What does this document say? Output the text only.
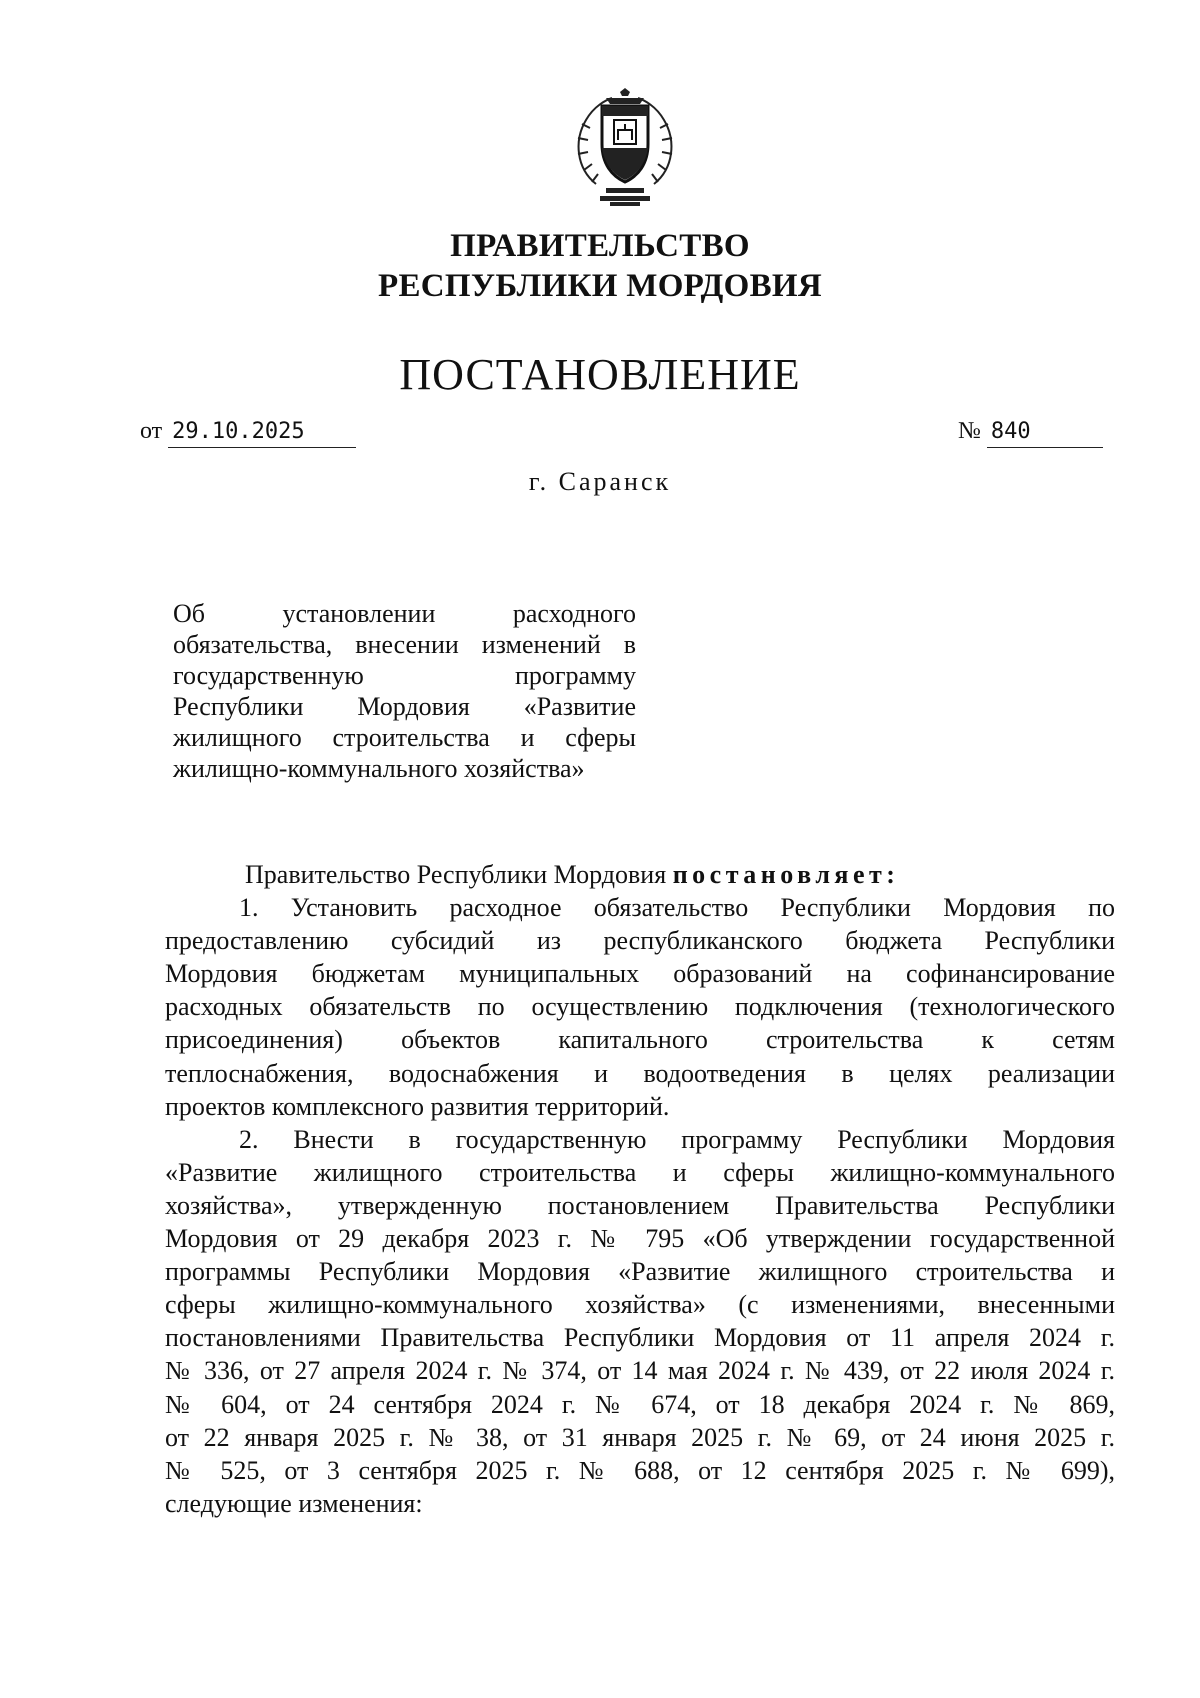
ПРАВИТЕЛЬСТВО
РЕСПУБЛИКИ МОРДОВИЯ
ПОСТАНОВЛЕНИЕ
от 29.10.2025	№ 840
г. Саранск
Об установлении расходного
обязательства, внесении изменений в
государственную программу
Республики Мордовия «Развитие
жилищного строительства и сферы
жилищно-коммунального хозяйства»
Правительство Республики Мордовия постановляет:
1. Установить расходное обязательство Республики Мордовия по
предоставлению субсидий из республиканского бюджета Республики
Мордовия бюджетам муниципальных образований на софинансирование
расходных обязательств по осуществлению подключения (технологического
присоединения) объектов капитального строительства к сетям
теплоснабжения, водоснабжения и водоотведения в целях реализации
проектов комплексного развития территорий.
2. Внести в государственную программу Республики Мордовия
«Развитие жилищного строительства и сферы жилищно-коммунального
хозяйства», утвержденную постановлением Правительства Республики
Мордовия от 29 декабря 2023 г. № 795 «Об утверждении государственной
программы Республики Мордовия «Развитие жилищного строительства и
сферы жилищно-коммунального хозяйства» (с изменениями, внесенными
постановлениями Правительства Республики Мордовия от 11 апреля 2024 г.
№ 336, от 27 апреля 2024 г. № 374, от 14 мая 2024 г. № 439, от 22 июля 2024 г.
№ 604, от 24 сентября 2024 г. № 674, от 18 декабря 2024 г. № 869,
от 22 января 2025 г. № 38, от 31 января 2025 г. № 69, от 24 июня 2025 г.
№ 525, от 3 сентября 2025 г. № 688, от 12 сентября 2025 г. № 699),
следующие изменения:
